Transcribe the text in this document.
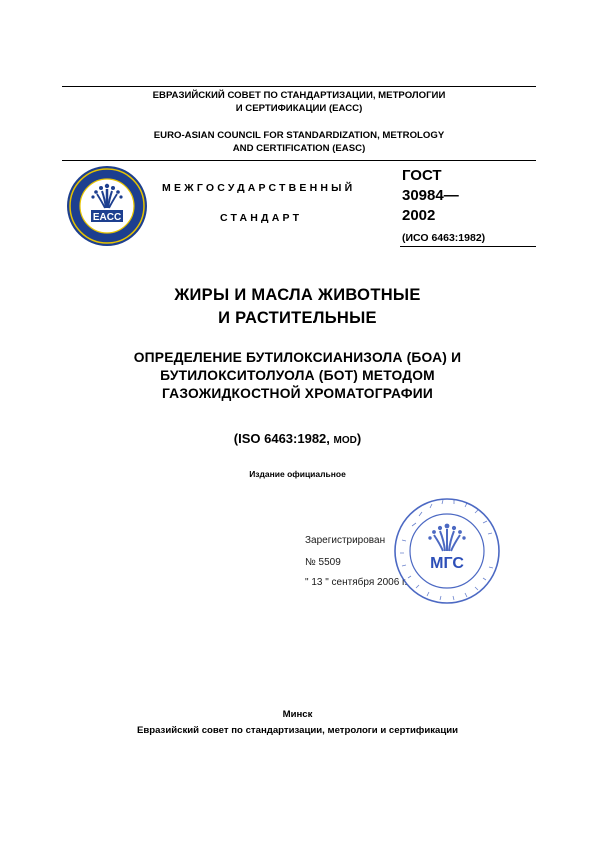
ЕВРАЗИЙСКИЙ СОВЕТ ПО СТАНДАРТИЗАЦИИ, МЕТРОЛОГИИ
И СЕРТИФИКАЦИИ (ЕАСС)
EURO-ASIAN COUNCIL FOR STANDARDIZATION, METROLOGY
AND CERTIFICATION (EASC)
EACC
МЕЖГОСУДАРСТВЕННЫЙ
СТАНДАРТ
ГОСТ
30984—
2002
(ИСО 6463:1982)
ЖИРЫ И МАСЛА ЖИВОТНЫЕ
И РАСТИТЕЛЬНЫЕ
ОПРЕДЕЛЕНИЕ БУТИЛОКСИАНИЗОЛА (БОА) И
БУТИЛОКСИТОЛУОЛА (БОТ) МЕТОДОМ
ГАЗОЖИДКОСТНОЙ ХРОМАТОГРАФИИ
(ISO 6463:1982, MOD)
Издание официальное
Зарегистрирован
№ 5509
" 13 " сентября 2006 г.
МГС
Минск
Евразийский совет по стандартизации, метрологи и сертификации
